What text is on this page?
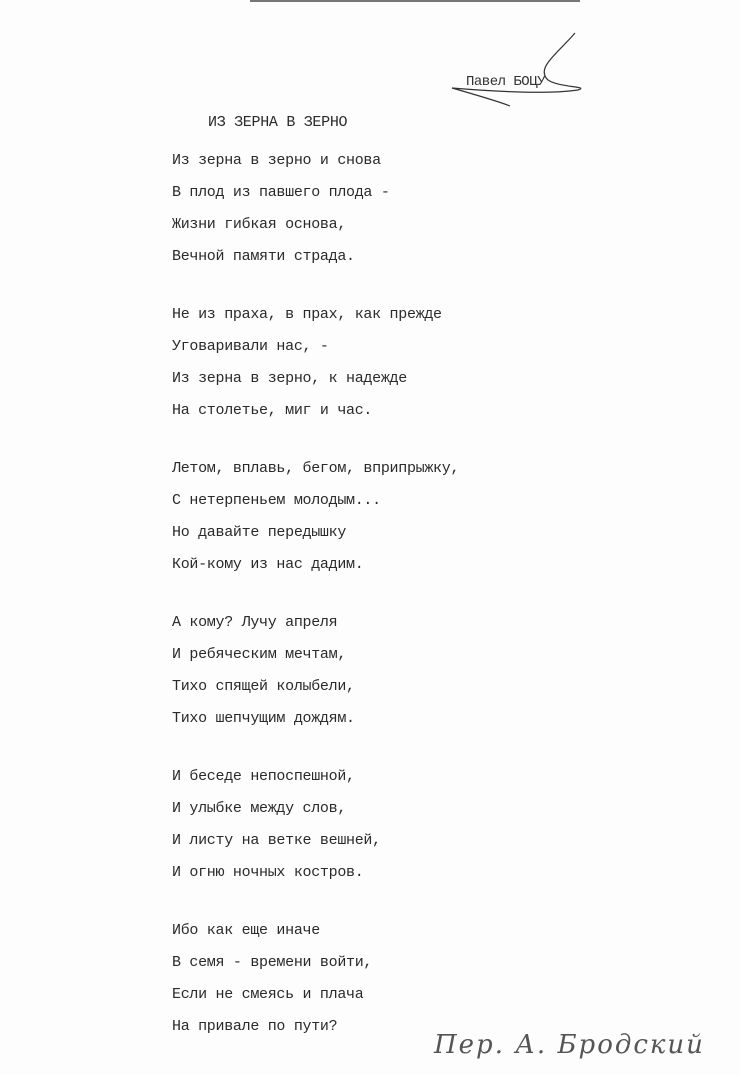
Павел БОЦУ
ИЗ ЗЕРНА В ЗЕРНО
Из зерна в зерно и снова
В плод из павшего плода -
Жизни гибкая основа,
Вечной памяти страда.
Не из праха, в прах, как прежде
Уговаривали нас, -
Из зерна в зерно, к надежде
На столетье, миг и час.
Летом, вплавь, бегом, вприпрыжку,
С нетерпеньем молодым...
Но давайте передышку
Кой-кому из нас дадим.
А кому? Лучу апреля
И ребяческим мечтам,
Тихо спящей колыбели,
Тихо шепчущим дождям.
И беседе непоспешной,
И улыбке между слов,
И листу на ветке вешней,
И огню ночных костров.
Ибо как еще иначе
В семя - времени войти,
Если не смеясь и плача
На привале по пути?
Пер. А. Бродский
